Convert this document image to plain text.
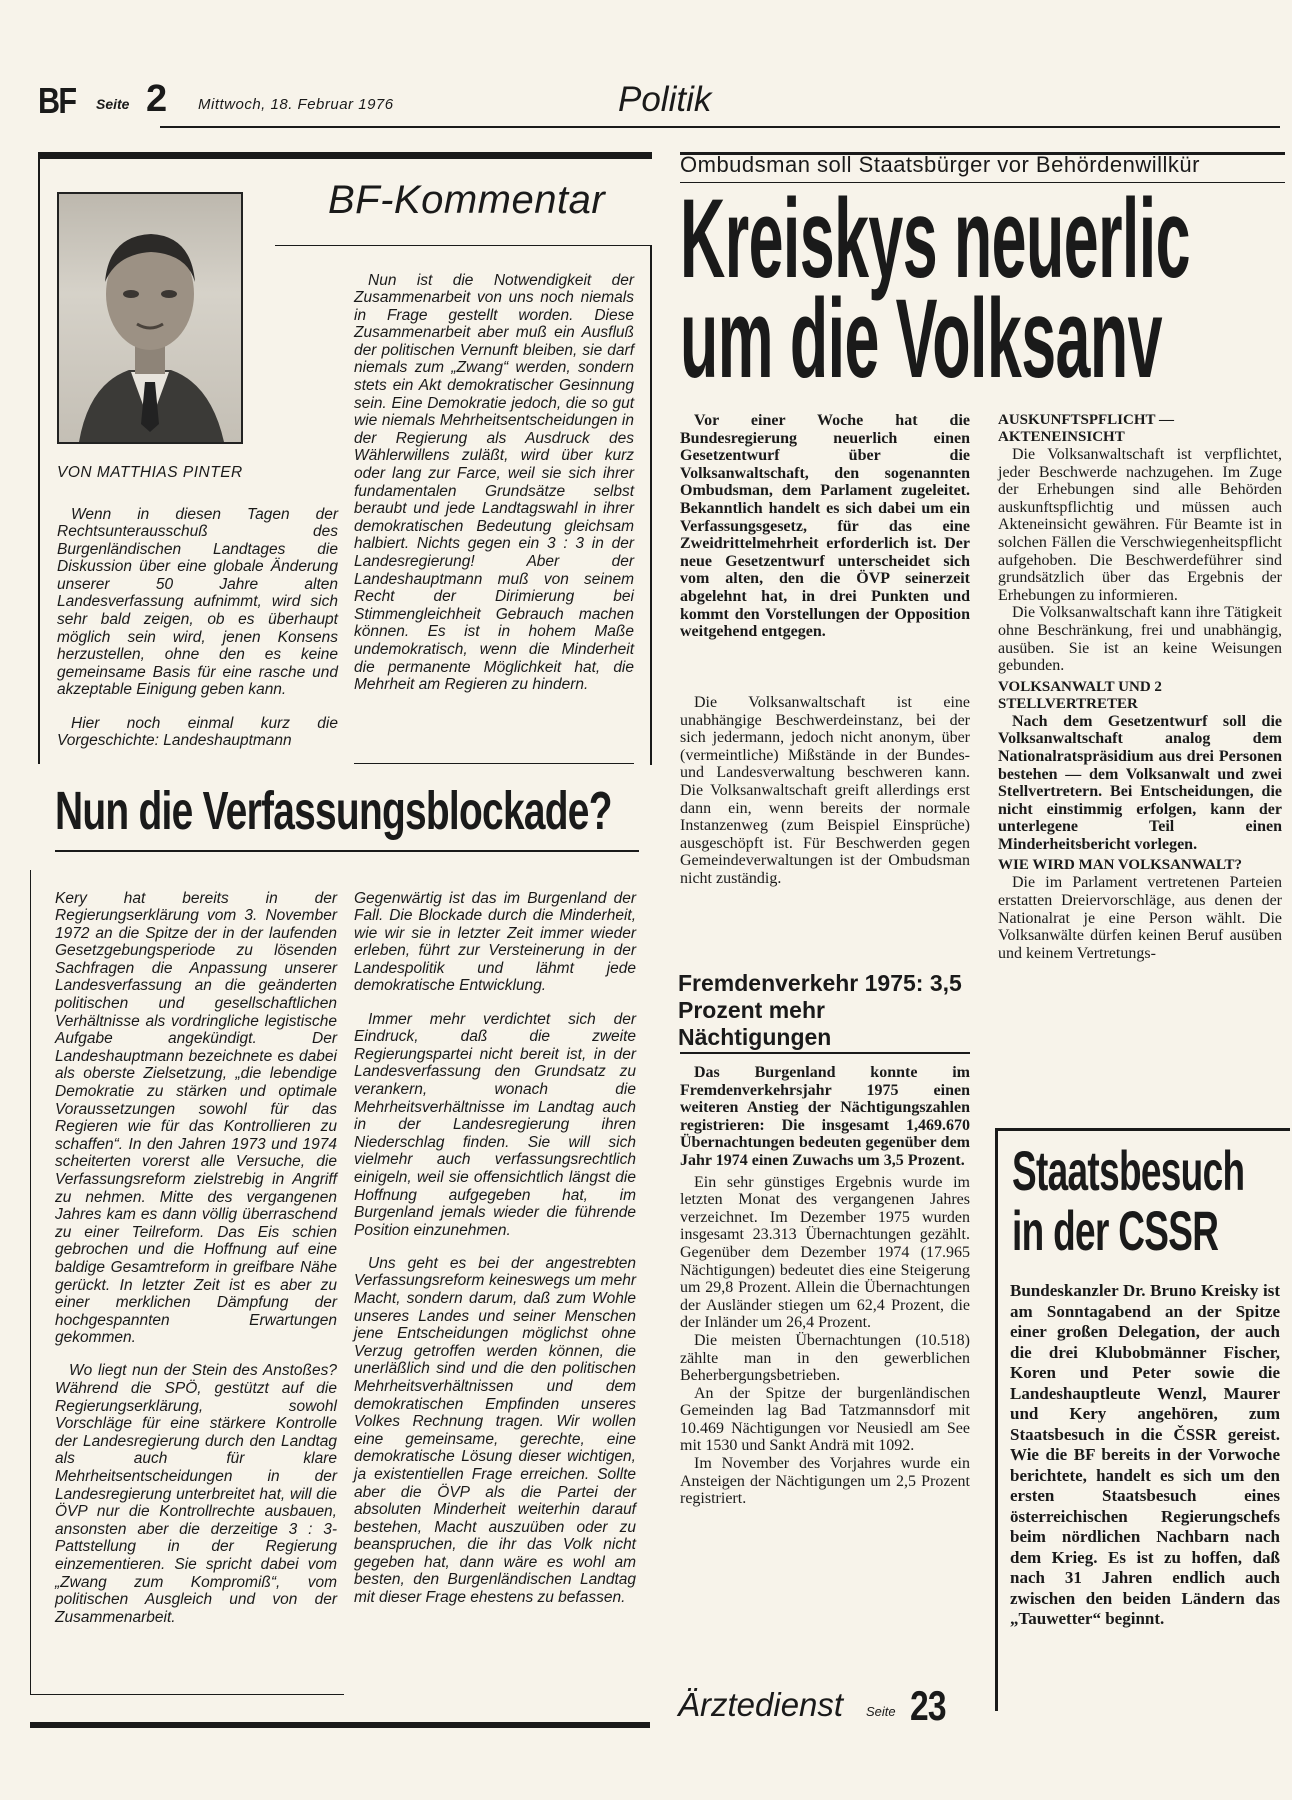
BF Seite 2 Mittwoch, 18. Februar 1976	Politik
BF-Kommentar
VON MATTHIAS PINTER

Wenn in diesen Tagen der Rechtsunterausschuß des Burgenländischen Landtages die Diskussion über eine globale Änderung unserer 50 Jahre alten Landesverfassung aufnimmt, wird sich sehr bald zeigen, ob es überhaupt möglich sein wird, jenen Konsens herzustellen, ohne den es keine gemeinsame Basis für eine rasche und akzeptable Einigung geben kann.

Hier noch einmal kurz die Vorgeschichte: Landeshauptmann

Nun ist die Notwendigkeit der Zusammenarbeit von uns noch niemals in Frage gestellt worden. Diese Zusammenarbeit aber muß ein Ausfluß der politischen Vernunft bleiben, sie darf niemals zum „Zwang“ werden, sondern stets ein Akt demokratischer Gesinnung sein. Eine Demokratie jedoch, die so gut wie niemals Mehrheitsentscheidungen in der Regierung als Ausdruck des Wählerwillens zuläßt, wird über kurz oder lang zur Farce, weil sie sich ihrer fundamentalen Grundsätze selbst beraubt und jede Landtagswahl in ihrer demokratischen Bedeutung gleichsam halbiert. Nichts gegen ein 3 : 3 in der Landesregierung! Aber der Landeshauptmann muß von seinem Recht der Dirimierung bei Stimmengleichheit Gebrauch machen können. Es ist in hohem Maße undemokratisch, wenn die Minderheit die permanente Möglichkeit hat, die Mehrheit am Regieren zu hindern.

Nun die Verfassungsblockade?

Kery hat bereits in der Regierungserklärung vom 3. November 1972 an die Spitze der in der laufenden Gesetzgebungsperiode zu lösenden Sachfragen die Anpassung unserer Landesverfassung an die geänderten politischen und gesellschaftlichen Verhältnisse als vordringliche legistische Aufgabe angekündigt. Der Landeshauptmann bezeichnete es dabei als oberste Zielsetzung, „die lebendige Demokratie zu stärken und optimale Voraussetzungen sowohl für das Regieren wie für das Kontrollieren zu schaffen“. In den Jahren 1973 und 1974 scheiterten vorerst alle Versuche, die Verfassungsreform zielstrebig in Angriff zu nehmen. Mitte des vergangenen Jahres kam es dann völlig überraschend zu einer Teilreform. Das Eis schien gebrochen und die Hoffnung auf eine baldige Gesamtreform in greifbare Nähe gerückt. In letzter Zeit ist es aber zu einer merklichen Dämpfung der hochgespannten Erwartungen gekommen.

Wo liegt nun der Stein des Anstoßes? Während die SPÖ, gestützt auf die Regierungserklärung, sowohl Vorschläge für eine stärkere Kontrolle der Landesregierung durch den Landtag als auch für klare Mehrheitsentscheidungen in der Landesregierung unterbreitet hat, will die ÖVP nur die Kontrollrechte ausbauen, ansonsten aber die derzeitige 3 : 3-Pattstellung in der Regierung einzementieren. Sie spricht dabei vom „Zwang zum Kompromiß“, vom politischen Ausgleich und von der Zusammenarbeit.

Gegenwärtig ist das im Burgenland der Fall. Die Blockade durch die Minderheit, wie wir sie in letzter Zeit immer wieder erleben, führt zur Versteinerung in der Landespolitik und lähmt jede demokratische Entwicklung.

Immer mehr verdichtet sich der Eindruck, daß die zweite Regierungspartei nicht bereit ist, in der Landesverfassung den Grundsatz zu verankern, wonach die Mehrheitsverhältnisse im Landtag auch in der Landesregierung ihren Niederschlag finden. Sie will sich vielmehr auch verfassungsrechtlich einigeln, weil sie offensichtlich längst die Hoffnung aufgegeben hat, im Burgenland jemals wieder die führende Position einzunehmen.

Uns geht es bei der angestrebten Verfassungsreform keineswegs um mehr Macht, sondern darum, daß zum Wohle unseres Landes und seiner Menschen jene Entscheidungen möglichst ohne Verzug getroffen werden können, die unerläßlich sind und die den politischen Mehrheitsverhältnissen und dem demokratischen Empfinden unseres Volkes Rechnung tragen. Wir wollen eine gemeinsame, gerechte, eine demokratische Lösung dieser wichtigen, ja existentiellen Frage erreichen. Sollte aber die ÖVP als die Partei der absoluten Minderheit weiterhin darauf bestehen, Macht auszuüben oder zu beanspruchen, die ihr das Volk nicht gegeben hat, dann wäre es wohl am besten, den Burgenländischen Landtag mit dieser Frage ehestens zu befassen.

Ombudsman soll Staatsbürger vor Behördenwillkür
Kreiskys neuerlic
um die Volksanv
Vor einer Woche hat die Bundesregierung neuerlich einen Gesetzentwurf über die Volksanwaltschaft, den sogenannten Ombudsman, dem Parlament zugeleitet. Bekanntlich handelt es sich dabei um ein Verfassungsgesetz, für das eine Zweidrittelmehrheit erforderlich ist. Der neue Gesetzentwurf unterscheidet sich vom alten, den die ÖVP seinerzeit abgelehnt hat, in drei Punkten und kommt den Vorstellungen der Opposition weitgehend entgegen.
Die Volksanwaltschaft ist eine unabhängige Beschwerdeinstanz, bei der sich jedermann, jedoch nicht anonym, über (vermeintliche) Mißstände in der Bundes- und Landesverwaltung beschweren kann. Die Volksanwaltschaft greift allerdings erst dann ein, wenn bereits der normale Instanzenweg (zum Beispiel Einsprüche) ausgeschöpft ist. Für Beschwerden gegen Gemeindeverwaltungen ist der Ombudsman nicht zuständig.
AUSKUNFTSPFLICHT — AKTENEINSICHT
Die Volksanwaltschaft ist verpflichtet, jeder Beschwerde nachzugehen. Im Zuge der Erhebungen sind alle Behörden auskunftspflichtig und müssen auch Akteneinsicht gewähren. Für Beamte ist in solchen Fällen die Verschwiegenheitspflicht aufgehoben. Die Beschwerdeführer sind grundsätzlich über das Ergebnis der Erhebungen zu informieren.
Die Volksanwaltschaft kann ihre Tätigkeit ohne Beschränkung, frei und unabhängig, ausüben. Sie ist an keine Weisungen gebunden.
VOLKSANWALT UND 2 STELLVERTRETER
Nach dem Gesetzentwurf soll die Volksanwaltschaft analog dem Nationalratspräsidium aus drei Personen bestehen — dem Volksanwalt und zwei Stellvertretern. Bei Entscheidungen, die nicht einstimmig erfolgen, kann der unterlegene Teil einen Minderheitsbericht vorlegen.
WIE WIRD MAN VOLKSANWALT?
Die im Parlament vertretenen Parteien erstatten Dreiervorschläge, aus denen der Nationalrat je eine Person wählt. Die Volksanwälte dürfen keinen Beruf ausüben und keinem Vertretungs-
Fremdenverkehr 1975: 3,5 Prozent mehr Nächtigungen
Das Burgenland konnte im Fremdenverkehrsjahr 1975 einen weiteren Anstieg der Nächtigungszahlen registrieren: Die insgesamt 1,469.670 Übernachtungen bedeuten gegenüber dem Jahr 1974 einen Zuwachs um 3,5 Prozent.
Ein sehr günstiges Ergebnis wurde im letzten Monat des vergangenen Jahres verzeichnet. Im Dezember 1975 wurden insgesamt 23.313 Übernachtungen gezählt. Gegenüber dem Dezember 1974 (17.965 Nächtigungen) bedeutet dies eine Steigerung um 29,8 Prozent. Allein die Übernachtungen der Ausländer stiegen um 62,4 Prozent, die der Inländer um 26,4 Prozent.
Die meisten Übernachtungen (10.518) zählte man in den gewerblichen Beherbergungsbetrieben.
An der Spitze der burgenländischen Gemeinden lag Bad Tatzmannsdorf mit 10.469 Nächtigungen vor Neusiedl am See mit 1530 und Sankt Andrä mit 1092.
Im November des Vorjahres wurde ein Ansteigen der Nächtigungen um 2,5 Prozent registriert.
Staatsbesuch in der CSSR
Bundeskanzler Dr. Bruno Kreisky ist am Sonntagabend an der Spitze einer großen Delegation, der auch die drei Klubobmänner Fischer, Koren und Peter sowie die Landeshauptleute Wenzl, Maurer und Kery angehören, zum Staatsbesuch in die ČSSR gereist. Wie die BF bereits in der Vorwoche berichtete, handelt es sich um den ersten Staatsbesuch eines österreichischen Regierungschefs beim nördlichen Nachbarn nach dem Krieg. Es ist zu hoffen, daß nach 31 Jahren endlich auch zwischen den beiden Ländern das „Tauwetter“ beginnt.
Ärztedienst Seite 23
